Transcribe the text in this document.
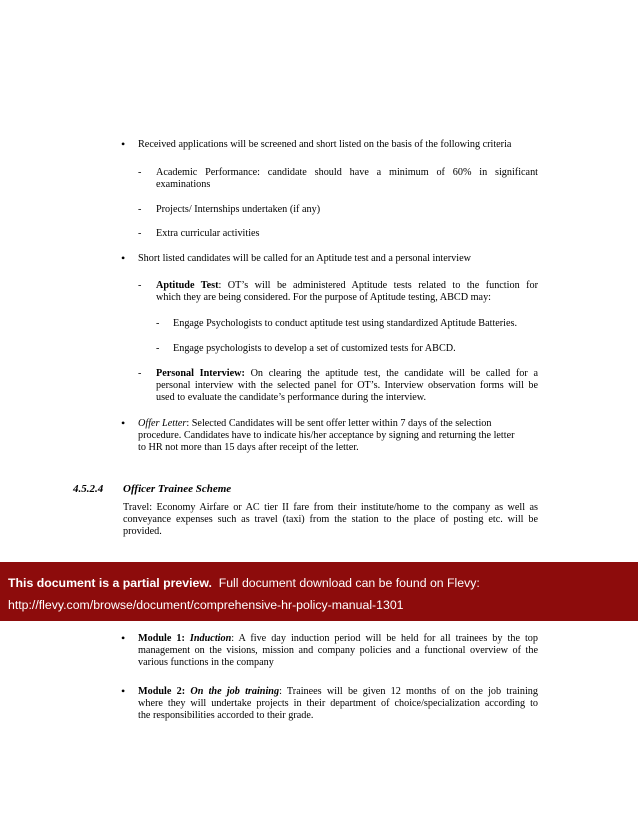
• Received applications will be screened and short listed on the basis of the following criteria
- Academic Performance: candidate should have a minimum of 60% in significant
examinations
- Projects/ Internships undertaken (if any)
- Extra curricular activities
• Short listed candidates will be called for an Aptitude test and a personal interview
- Aptitude Test: OT’s will be administered Aptitude tests related to the function for
which they are being considered. For the purpose of Aptitude testing, ABCD may:
- Engage Psychologists to conduct aptitude test using standardized Aptitude Batteries.
- Engage psychologists to develop a set of customized tests for ABCD.
- Personal Interview: On clearing the aptitude test, the candidate will be called for a
personal interview with the selected panel for OT’s. Interview observation forms will be
used to evaluate the candidate’s performance during the interview.
• Offer Letter: Selected Candidates will be sent offer letter within 7 days of the selection
procedure. Candidates have to indicate his/her acceptance by signing and returning the letter
to HR not more than 15 days after receipt of the letter.
4.5.2.4 Officer Trainee Scheme
Travel: Economy Airfare or AC tier II fare from their institute/home to the company as well as
conveyance expenses such as travel (taxi) from the station to the place of posting etc. will be
provided.
This document is a partial preview.  Full document download can be found on Flevy:
http://flevy.com/browse/document/comprehensive-hr-policy-manual-1301
• Module 1: Induction: A five day induction period will be held for all trainees by the top
management on the visions, mission and company policies and a functional overview of the
various functions in the company
• Module 2: On the job training: Trainees will be given 12 months of on the job training
where they will undertake projects in their department of choice/specialization according to
the responsibilities accorded to their grade.
